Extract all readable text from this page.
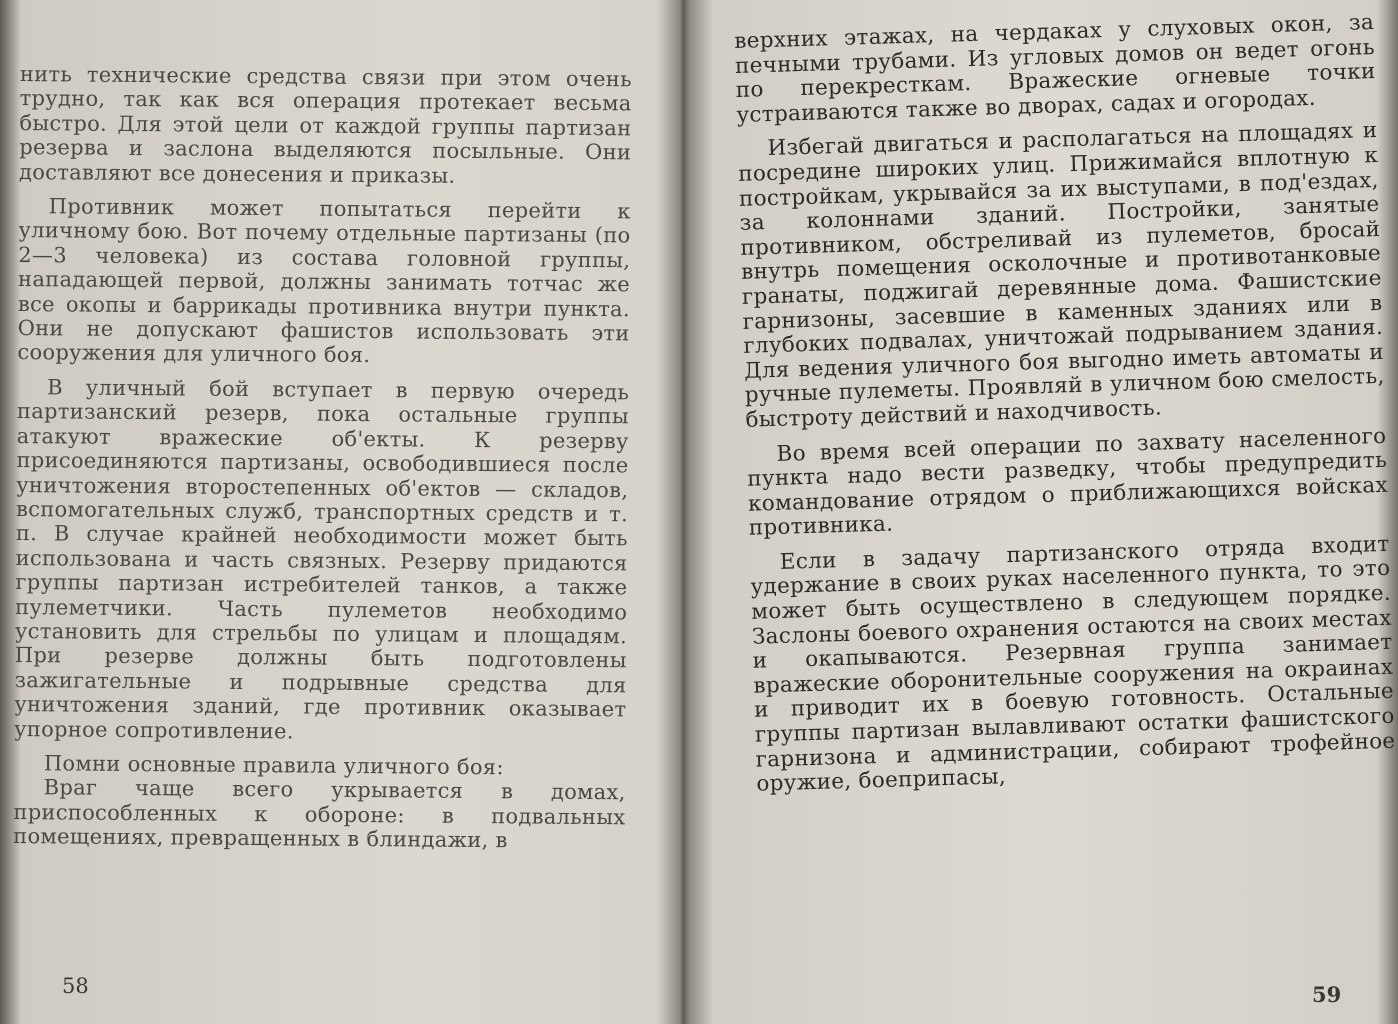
нить технические средства связи при этом очень трудно, так как вся операция протекает весьма быстро. Для этой цели от каждой группы партизан резерва и заслона выделяются посыльные. Они доставляют все донесения и приказы.

Противник может попытаться перейти к уличному бою. Вот почему отдельные партизаны (по 2—3 человека) из состава головной группы, нападающей первой, должны занимать тотчас же все окопы и баррикады противника внутри пункта. Они не допускают фашистов использовать эти сооружения для уличного боя.

В уличный бой вступает в первую очередь партизанский резерв, пока остальные группы атакуют вражеские об'екты. К резерву присоединяются партизаны, освободившиеся после уничтожения второстепенных об'ектов — складов, вспомогательных служб, транспортных средств и т. п. В случае крайней необходимости может быть использована и часть связных. Резерву придаются группы партизан истребителей танков, а также пулеметчики. Часть пулеметов необходимо установить для стрельбы по улицам и площадям. При резерве должны быть подготовлены зажигательные и подрывные средства для уничтожения зданий, где противник оказывает упорное сопротивление.

Помни основные правила уличного боя:

Враг чаще всего укрывается в домах, приспособленных к обороне: в подвальных помещениях, превращенных в блиндажи, в

58

верхних этажах, на чердаках у слуховых окон, за печными трубами. Из угловых домов он ведет огонь по перекресткам. Вражеские огневые точки устраиваются также во дворах, садах и огородах.

Избегай двигаться и располагаться на площадях и посредине широких улиц. Прижимайся вплотную к постройкам, укрывайся за их выступами, в под'ездах, за колоннами зданий. Постройки, занятые противником, обстреливай из пулеметов, бросай внутрь помещения осколочные и противотанковые гранаты, поджигай деревянные дома. Фашистские гарнизоны, засевшие в каменных зданиях или в глубоких подвалах, уничтожай подрыванием здания. Для ведения уличного боя выгодно иметь автоматы и ручные пулеметы. Проявляй в уличном бою смелость, быстроту действий и находчивость.

Во время всей операции по захвату населенного пункта надо вести разведку, чтобы предупредить командование отрядом о приближающихся войсках противника.

Если в задачу партизанского отряда входит удержание в своих руках населенного пункта, то это может быть осуществлено в следующем порядке. Заслоны боевого охранения остаются на своих местах и окапываются. Резервная группа занимает вражеские оборонительные сооружения на окраинах и приводит их в боевую готовность. Остальные группы партизан вылавливают остатки фашистского гарнизона и администрации, собирают трофейное оружие, боеприпасы,

59
